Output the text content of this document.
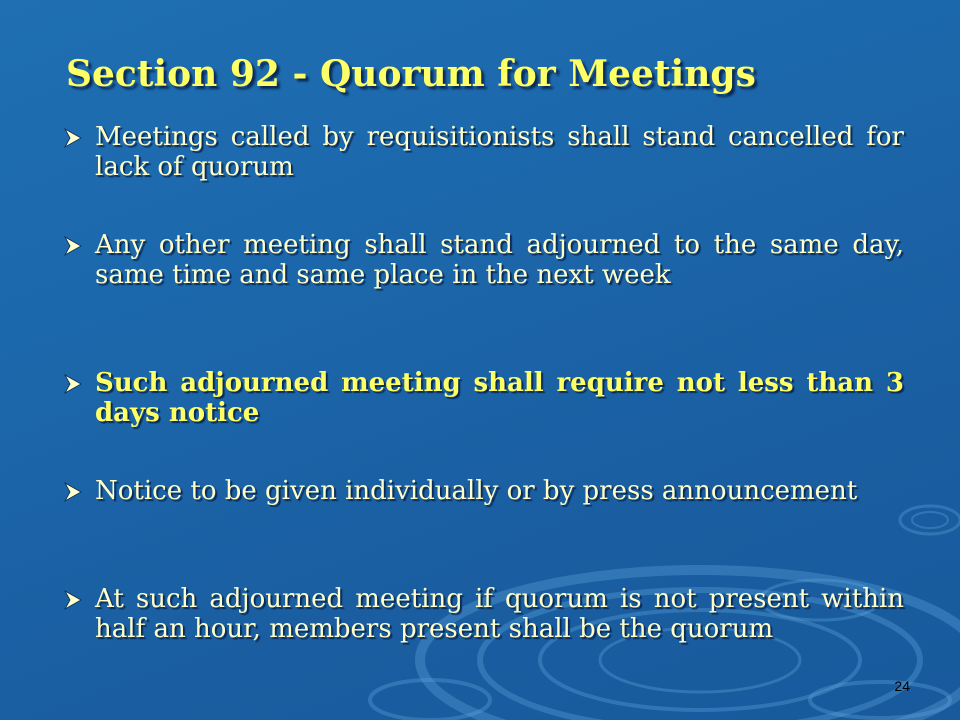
Section 92 - Quorum for Meetings

Meetings called by requisitionists shall stand cancelled for lack of quorum

Any other meeting shall stand adjourned to the same day, same time and same place in the next week

Such adjourned meeting shall require not less than 3 days notice

Notice to be given individually or by press announcement

At such adjourned meeting if quorum is not present within half an hour, members present shall be the quorum

24
